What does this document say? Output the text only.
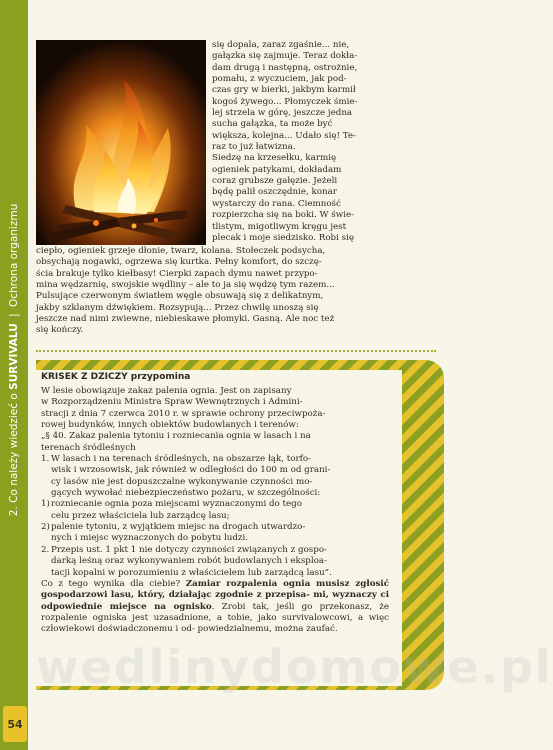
2. Co należy wiedzieć o SURVIVALU | Ochrona organizmu
54
się dopala, zaraz zgaśnie... nie,
gałązka się zajmuje. Teraz dokła-
dam drugą i następną, ostrożnie,
pomału, z wyczuciem, jak pod-
czas gry w bierki, jakbym karmił
kogoś żywego... Płomyczek śmie-
lej strzela w górę, jeszcze jedna
sucha gałązka, ta może być
większa, kolejna... Udało się! Te-
raz to już łatwizna.
Siedzę na krzesełku, karmię
ogieniek patykami, dokładam
coraz grubsze gałęzie. Jeżeli
będę palił oszczędnie, konar
wystarczy do rana. Ciemność
rozpierzcha się na boki. W świe-
tlistym, migotliwym kręgu jest
plecak i moje siedzisko. Robi się
ciepło, ogieniek grzeje dłonie, twarz, kolana. Stołeczek podsycha,
obsychają nogawki, ogrzewa się kurtka. Pełny komfort, do szczę-
ścia brakuje tylko kiełbasy! Cierpki zapach dymu nawet przypo-
mina wędzarnię, swojskie wędliny – ale to ja się wędzę tym razem...
Pulsujące czerwonym światłem węgle obsuwają się z delikatnym,
jakby szklanym dźwiękiem. Rozsypują... Przez chwilę unoszą się
jeszcze nad nimi zwiewne, niebieskawe płomyki. Gasną. Ale noc też
się kończy.
KRISEK Z DZICZY przypomina
W lesie obowiązuje zakaz palenia ognia. Jest on zapisany
w Rozporządzeniu Ministra Spraw Wewnętrznych i Admini-
stracji z dnia 7 czerwca 2010 r. w sprawie ochrony przeciwpoża-
rowej budynków, innych obiektów budowlanych i terenów:
„§ 40. Zakaz palenia tytoniu i rozniecania ognia w lasach i na
terenach śródleśnych
1. W lasach i na terenach śródleśnych, na obszarze łąk, torfo-
wisk i wrzosowisk, jak również w odległości do 100 m od grani-
cy lasów nie jest dopuszczalne wykonywanie czynności mo-
gących wywołać niebezpieczeństwo pożaru, w szczególności:
1) rozniecanie ognia poza miejscami wyznaczonymi do tego
celu przez właściciela lub zarządcę lasu;
2) palenie tytoniu, z wyjątkiem miejsc na drogach utwardzo-
nych i miejsc wyznaczonych do pobytu ludzi.
2. Przepis ust. 1 pkt 1 nie dotyczy czynności związanych z gospo-
darką leśną oraz wykonywaniem robót budowlanych i eksploa-
tacji kopalni w porozumieniu z właścicielem lub zarządcą lasu”.
Co z tego wynika dla ciebie? Zamiar rozpalenia ognia musisz zgłosić gospodarzowi lasu, który, działając zgodnie z przepisa- mi, wyznaczy ci odpowiednie miejsce na ognisko. Zrobi tak, jeśli go przekonasz, że rozpalenie ogniska jest uzasadnione, a tobie, jako survivalowcowi, a więc człowiekowi doświadczonemu i od- powiedzialnemu, można zaufać.
wedlinydomowe.pl
